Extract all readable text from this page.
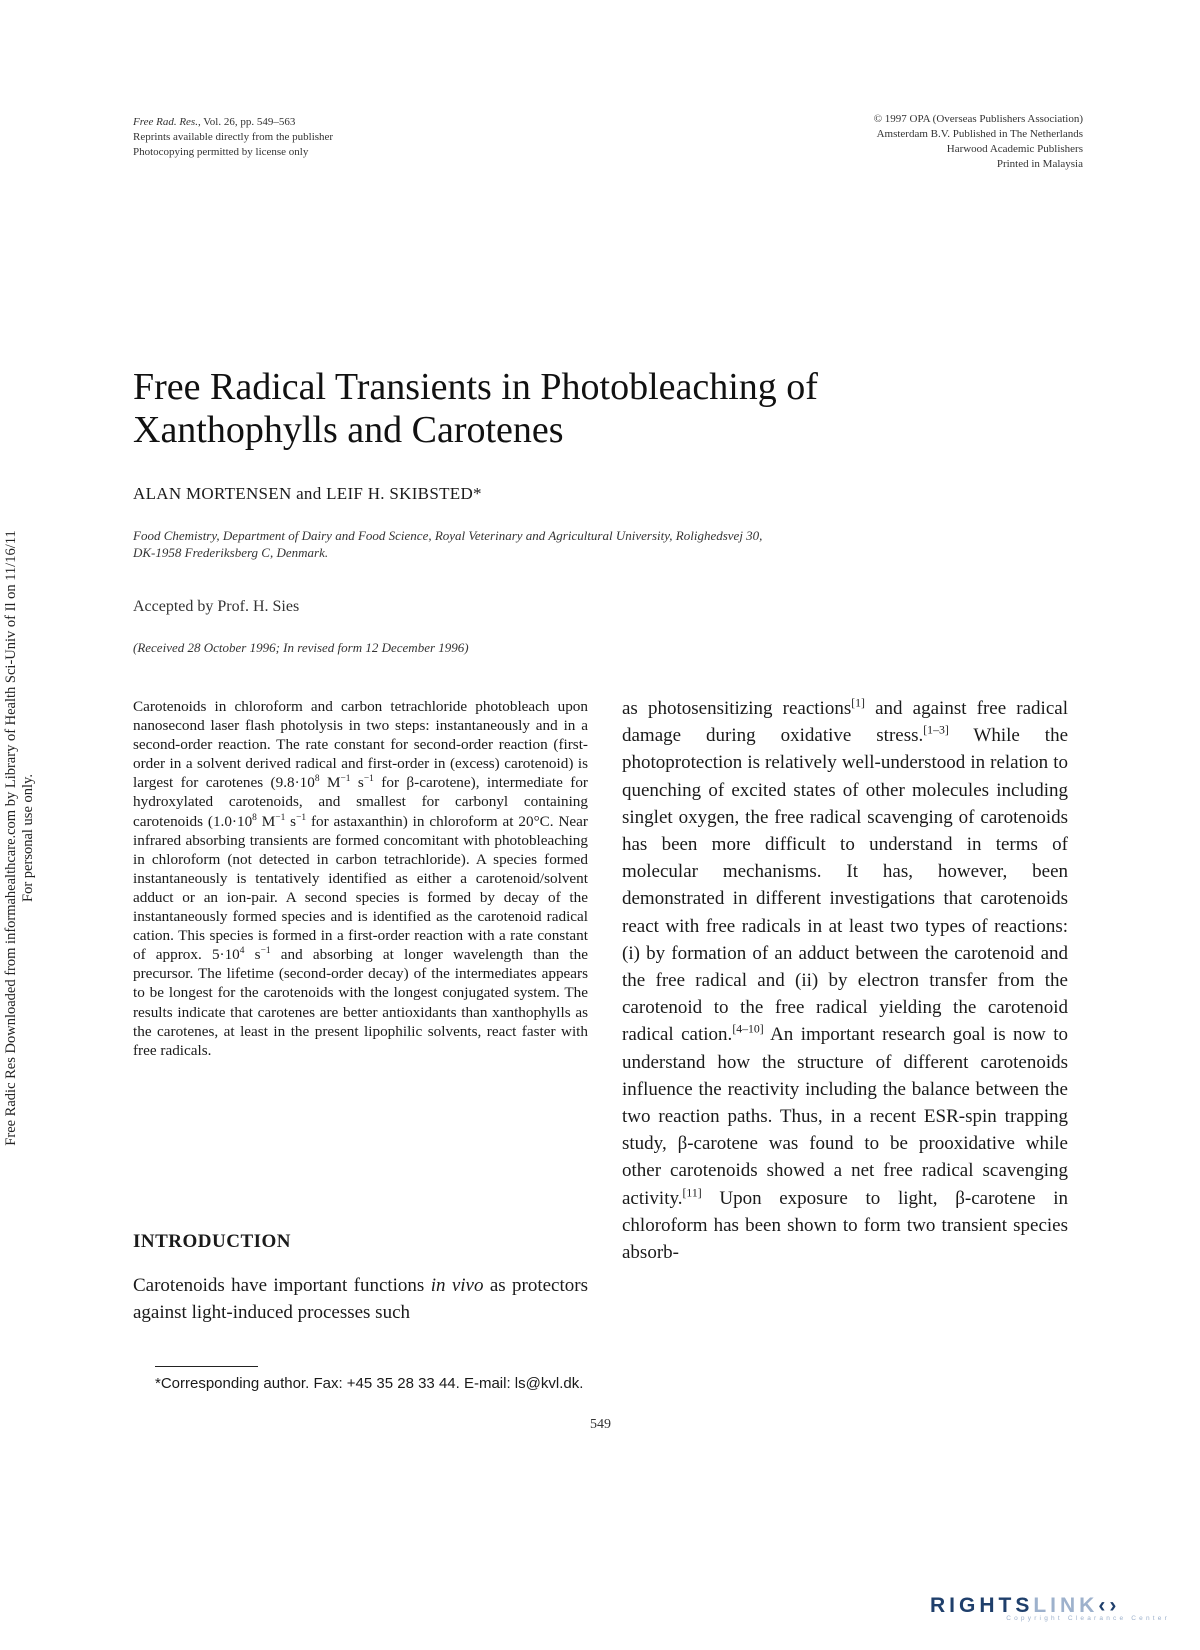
Free Rad. Res., Vol. 26, pp. 549–563
Reprints available directly from the publisher
Photocopying permitted by license only
© 1997 OPA (Overseas Publishers Association)
Amsterdam B.V. Published in The Netherlands
Harwood Academic Publishers
Printed in Malaysia
Free Radical Transients in Photobleaching of
Xanthophylls and Carotenes
ALAN MORTENSEN and LEIF H. SKIBSTED*
Food Chemistry, Department of Dairy and Food Science, Royal Veterinary and Agricultural University, Rolighedsvej 30,
DK-1958 Frederiksberg C, Denmark.
Accepted by Prof. H. Sies
(Received 28 October 1996; In revised form 12 December 1996)
Carotenoids in chloroform and carbon tetrachloride photobleach upon nanosecond laser flash photolysis in two steps: instantaneously and in a second-order reaction. The rate constant for second-order reaction (first-order in a solvent derived radical and first-order in (excess) carotenoid) is largest for carotenes ($9.8\cdot 10^8$ $M^{-1}$ $s^{-1}$ for β-carotene), intermediate for hydroxylated carotenoids, and smallest for carbonyl containing carotenoids ($1.0\cdot 10^8$ $M^{-1}$ $s^{-1}$ for astaxanthin) in chloroform at 20°C. Near infrared absorbing transients are formed concomitant with photobleaching in chloroform (not detected in carbon tetrachloride). A species formed instantaneously is tentatively identified as either a carotenoid/solvent adduct or an ion-pair. A second species is formed by decay of the instantaneously formed species and is identified as the carotenoid radical cation. This species is formed in a first-order reaction with a rate constant of approx. $5\cdot 10^4$ $s^{-1}$ and absorbing at longer wavelength than the precursor. The lifetime (second-order decay) of the intermediates appears to be longest for the carotenoids with the longest conjugated system. The results indicate that carotenes are better antioxidants than xanthophylls as the carotenes, at least in the present lipophilic solvents, react faster with free radicals.
INTRODUCTION
Carotenoids have important functions in vivo as protectors against light-induced processes such
as photosensitizing reactions[1] and against free radical damage during oxidative stress.[1–3] While the photoprotection is relatively well-understood in relation to quenching of excited states of other molecules including singlet oxygen, the free radical scavenging of carotenoids has been more difficult to understand in terms of molecular mechanisms. It has, however, been demonstrated in different investigations that carotenoids react with free radicals in at least two types of reactions: (i) by formation of an adduct between the carotenoid and the free radical and (ii) by electron transfer from the carotenoid to the free radical yielding the carotenoid radical cation.[4–10] An important research goal is now to understand how the structure of different carotenoids influence the reactivity including the balance between the two reaction paths. Thus, in a recent ESR-spin trapping study, β-carotene was found to be prooxidative while other carotenoids showed a net free radical scavenging activity.[11] Upon exposure to light, β-carotene in chloroform has been shown to form two transient species absorb-
*Corresponding author. Fax: +45 35 28 33 44. E-mail: ls@kvl.dk.
549
Free Radic Res Downloaded from informahealthcare.com by Library of Health Sci-Univ of Il on 11/16/11 For personal use only.
RIGHTSLINK‹›
Copyright Clearance Center
